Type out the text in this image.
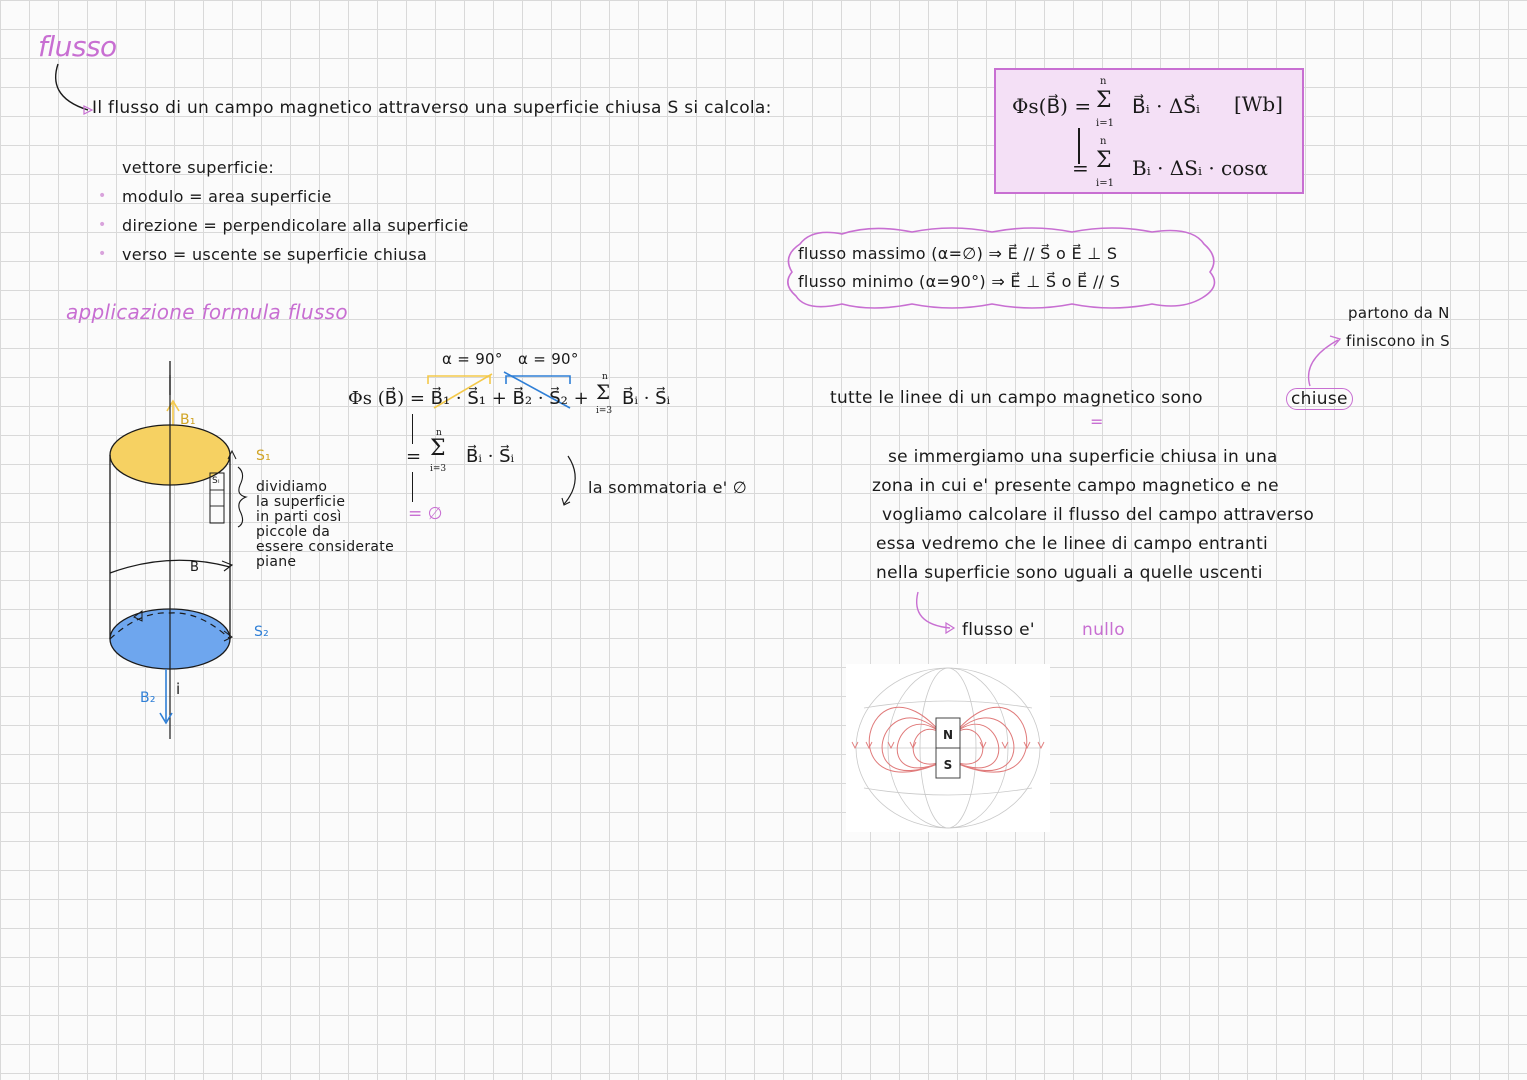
flusso
Il flusso di un campo magnetico attraverso una superficie chiusa S si calcola:
vettore superficie:
• modulo = area superficie
• direzione = perpendicolare alla superficie
• verso = uscente se superficie chiusa
Φs(B⃗) =
n
Σ
i=1
B⃗ᵢ · ΔS⃗ᵢ [Wb]
=
n
Σ
i=1
Bᵢ · ΔSᵢ · cosα
flusso massimo (α=∅) ⇒ E⃗ // S⃗ o E⃗ ⊥ S
flusso minimo (α=90°) ⇒ E⃗ ⊥ S⃗ o E⃗ // S
applicazione formula flusso
B₁
S₁
B
S₂
B₂ i
Sᵢ	dividiamo
la superficie
in parti così
piccole da
essere considerate
piane
α = 90° α = 90°
Φs (B⃗) = B⃗₁ · S⃗₁ + B⃗₂ · S⃗₂ +
n
Σ
i=3
B⃗ᵢ · S⃗ᵢ
=
n
Σ
i=3
B⃗ᵢ · S⃗ᵢ
= ∅
la sommatoria e' ∅
partono da N
finiscono in S
tutte le linee di un campo magnetico sono	chiuse
=
se immergiamo una superficie chiusa in una
zona in cui e' presente campo magnetico e ne
vogliamo calcolare il flusso del campo attraverso
essa vedremo che le linee di campo entranti
nella superficie sono uguali a quelle uscenti
flusso e'	nullo
N
S
